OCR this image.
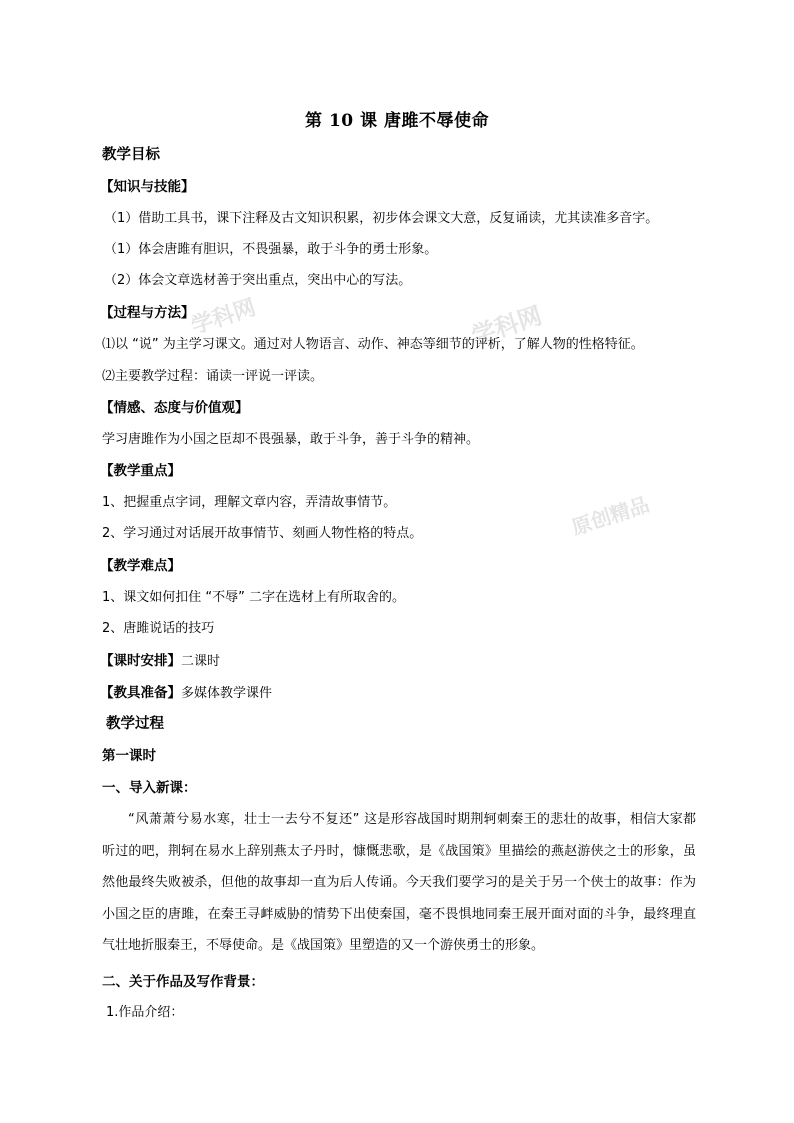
学科网	学科网
原创精品
第 10 课 唐雎不辱使命
教学目标
【知识与技能】
（1）借助工具书，课下注释及古文知识积累，初步体会课文大意，反复诵读，尤其读准多音字。
（1）体会唐雎有胆识，不畏强暴，敢于斗争的勇士形象。
（2）体会文章选材善于突出重点，突出中心的写法。
【过程与方法】
⑴以 “说” 为主学习课文。通过对人物语言、动作、神态等细节的评析，了解人物的性格特征。
⑵主要教学过程：诵读一评说一评读。
【情感、态度与价值观】
学习唐雎作为小国之臣却不畏强暴，敢于斗争，善于斗争的精神。
【教学重点】
1、把握重点字词，理解文章内容，弄清故事情节。
2、学习通过对话展开故事情节、刻画人物性格的特点。
【教学难点】
1、课文如何扣住 “不辱” 二字在选材上有所取舍的。
2、唐雎说话的技巧
【课时安排】二课时
【教具准备】多媒体教学课件
教学过程
第一课时
一、导入新课：
“风萧萧兮易水寒，壮士一去兮不复还” 这是形容战国时期荆轲刺秦王的悲壮的故事，相信大家都听过的吧，荆轲在易水上辞别燕太子丹时，慷慨悲歌，是《战国策》里描绘的燕赵游侠之士的形象，虽然他最终失败被杀，但他的故事却一直为后人传诵。今天我们要学习的是关于另一个侠士的故事：作为小国之臣的唐雎，在秦王寻衅威胁的情势下出使秦国，毫不畏惧地同秦王展开面对面的斗争，最终理直气壮地折服秦王，不辱使命。是《战国策》里塑造的又一个游侠勇士的形象。
二、关于作品及写作背景：
1.作品介绍：
